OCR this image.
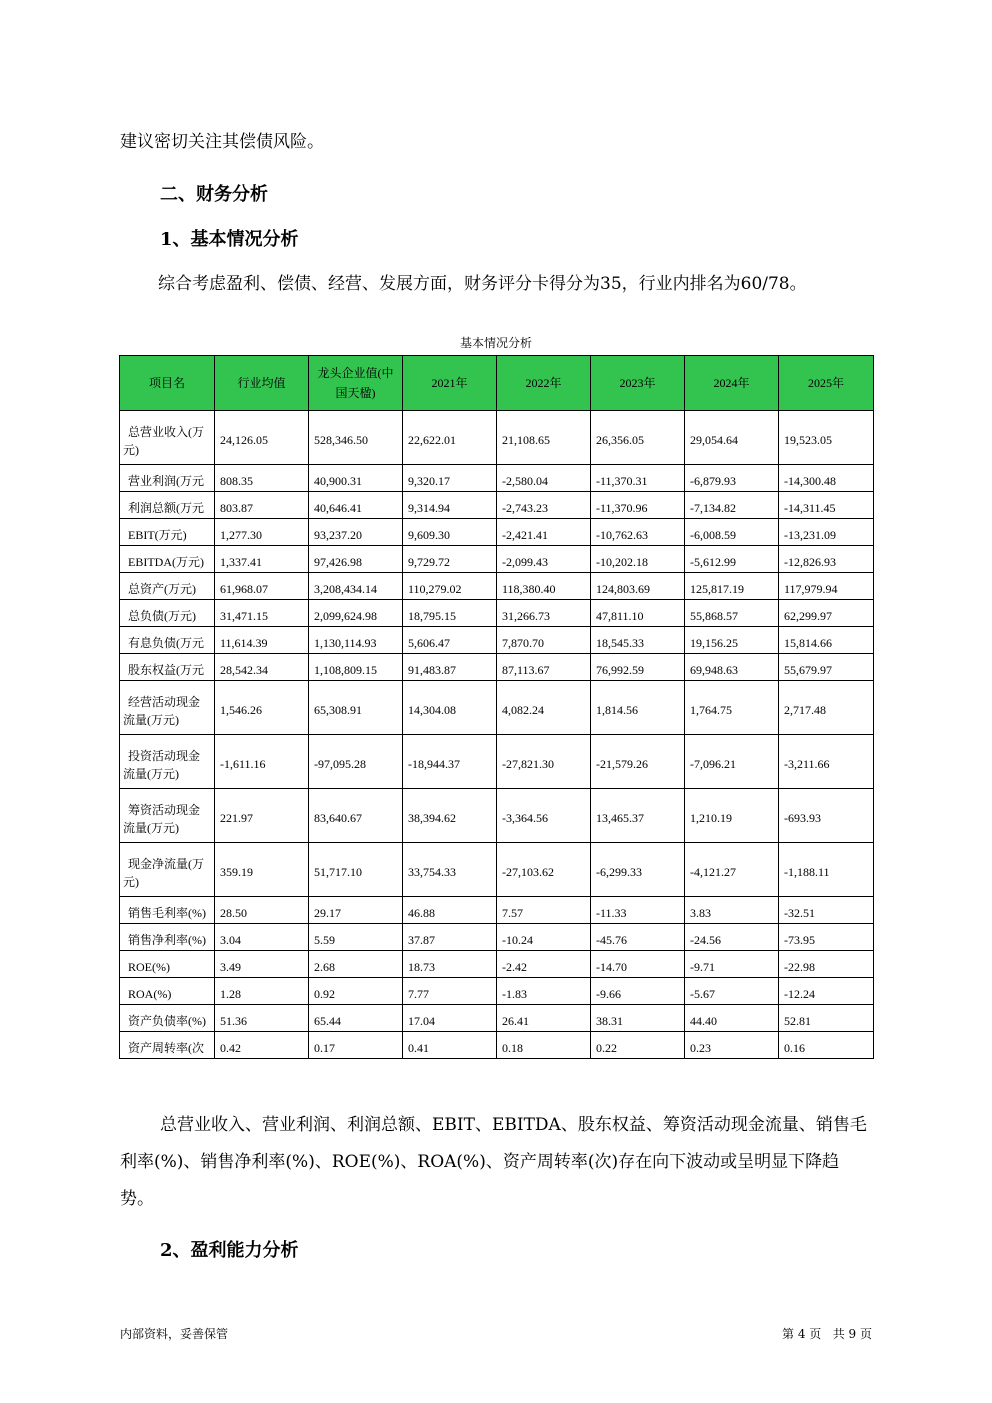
建议密切关注其偿债风险。
二、财务分析
1、基本情况分析
综合考虑盈利、偿债、经营、发展方面，财务评分卡得分为35，行业内排名为60/78。
基本情况分析
项目名	行业均值	龙头企业值(中国天楹)	2021年	2022年	2023年	2024年	2025年
总营业收入(万元)	24,126.05	528,346.50	22,622.01	21,108.65	26,356.05	29,054.64	19,523.05
营业利润(万元	808.35	40,900.31	9,320.17	-2,580.04	-11,370.31	-6,879.93	-14,300.48
利润总额(万元	803.87	40,646.41	9,314.94	-2,743.23	-11,370.96	-7,134.82	-14,311.45
EBIT(万元)	1,277.30	93,237.20	9,609.30	-2,421.41	-10,762.63	-6,008.59	-13,231.09
EBITDA(万元)	1,337.41	97,426.98	9,729.72	-2,099.43	-10,202.18	-5,612.99	-12,826.93
总资产(万元)	61,968.07	3,208,434.14	110,279.02	118,380.40	124,803.69	125,817.19	117,979.94
总负债(万元)	31,471.15	2,099,624.98	18,795.15	31,266.73	47,811.10	55,868.57	62,299.97
有息负债(万元	11,614.39	1,130,114.93	5,606.47	7,870.70	18,545.33	19,156.25	15,814.66
股东权益(万元	28,542.34	1,108,809.15	91,483.87	87,113.67	76,992.59	69,948.63	55,679.97
经营活动现金流量(万元)	1,546.26	65,308.91	14,304.08	4,082.24	1,814.56	1,764.75	2,717.48
投资活动现金流量(万元)	-1,611.16	-97,095.28	-18,944.37	-27,821.30	-21,579.26	-7,096.21	-3,211.66
筹资活动现金流量(万元)	221.97	83,640.67	38,394.62	-3,364.56	13,465.37	1,210.19	-693.93
现金净流量(万元)	359.19	51,717.10	33,754.33	-27,103.62	-6,299.33	-4,121.27	-1,188.11
销售毛利率(%)	28.50	29.17	46.88	7.57	-11.33	3.83	-32.51
销售净利率(%)	3.04	5.59	37.87	-10.24	-45.76	-24.56	-73.95
ROE(%)	3.49	2.68	18.73	-2.42	-14.70	-9.71	-22.98
ROA(%)	1.28	0.92	7.77	-1.83	-9.66	-5.67	-12.24
资产负债率(%)	51.36	65.44	17.04	26.41	38.31	44.40	52.81
资产周转率(次	0.42	0.17	0.41	0.18	0.22	0.23	0.16
总营业收入、营业利润、利润总额、EBIT、EBITDA、股东权益、筹资活动现金流量、销售毛利率(%)、销售净利率(%)、ROE(%)、ROA(%)、资产周转率(次)存在向下波动或呈明显下降趋势。
2、盈利能力分析
内部资料，妥善保管	第 4 页   共 9 页
